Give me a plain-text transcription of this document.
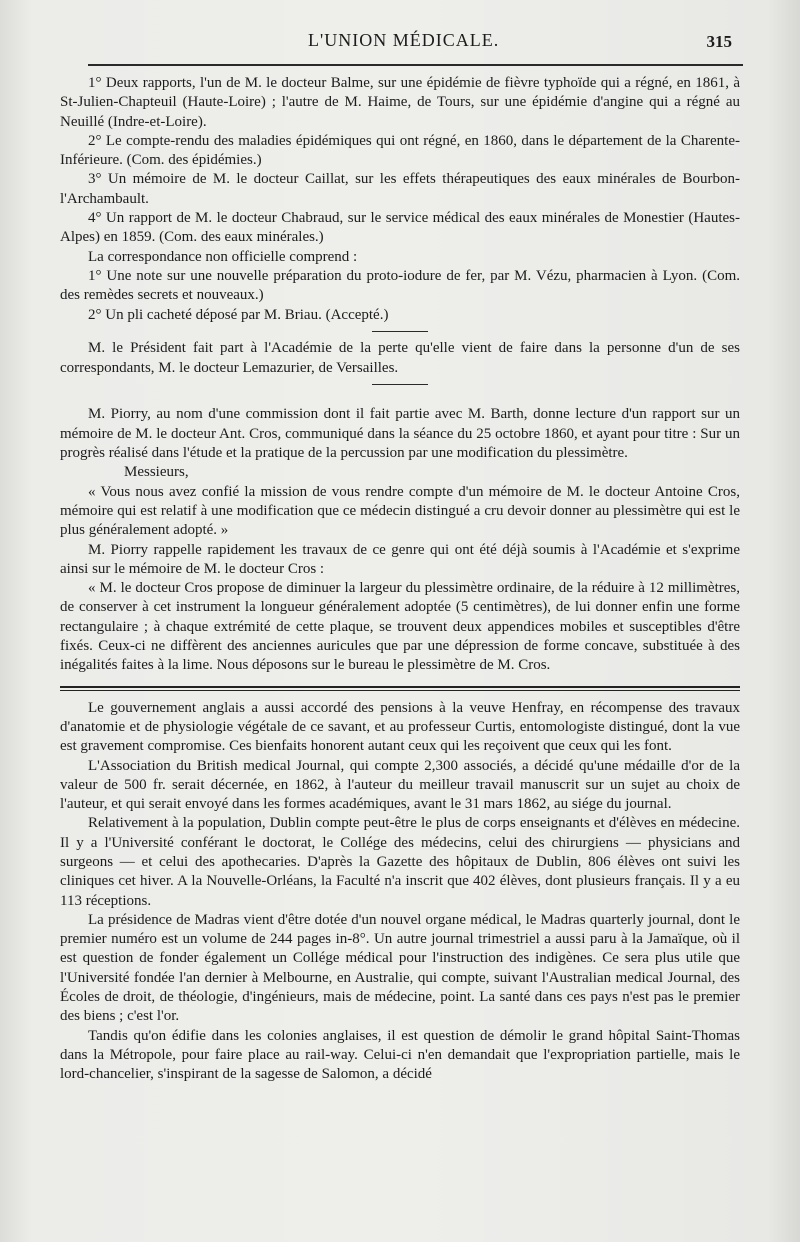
L'UNION MÉDICALE.	315

1° Deux rapports, l'un de M. le docteur Balme, sur une épidémie de fièvre typhoïde qui a régné, en 1861, à St-Julien-Chapteuil (Haute-Loire) ; l'autre de M. Haime, de Tours, sur une épidémie d'angine qui a régné au Neuillé (Indre-et-Loire).

2° Le compte-rendu des maladies épidémiques qui ont régné, en 1860, dans le département de la Charente-Inférieure. (Com. des épidémies.)

3° Un mémoire de M. le docteur Caillat, sur les effets thérapeutiques des eaux minérales de Bourbon-l'Archambault.

4° Un rapport de M. le docteur Chabraud, sur le service médical des eaux minérales de Monestier (Hautes-Alpes) en 1859. (Com. des eaux minérales.)

La correspondance non officielle comprend :

1° Une note sur une nouvelle préparation du proto-iodure de fer, par M. Vézu, pharmacien à Lyon. (Com. des remèdes secrets et nouveaux.)

2° Un pli cacheté déposé par M. Briau. (Accepté.)

M. le Président fait part à l'Académie de la perte qu'elle vient de faire dans la personne d'un de ses correspondants, M. le docteur Lemazurier, de Versailles.

M. Piorry, au nom d'une commission dont il fait partie avec M. Barth, donne lecture d'un rapport sur un mémoire de M. le docteur Ant. Cros, communiqué dans la séance du 25 octobre 1860, et ayant pour titre : Sur un progrès réalisé dans l'étude et la pratique de la percussion par une modification du plessimètre.

Messieurs,

« Vous nous avez confié la mission de vous rendre compte d'un mémoire de M. le docteur Antoine Cros, mémoire qui est relatif à une modification que ce médecin distingué a cru devoir donner au plessimètre qui est le plus généralement adopté. »

M. Piorry rappelle rapidement les travaux de ce genre qui ont été déjà soumis à l'Académie et s'exprime ainsi sur le mémoire de M. le docteur Cros :

« M. le docteur Cros propose de diminuer la largeur du plessimètre ordinaire, de la réduire à 12 millimètres, de conserver à cet instrument la longueur généralement adoptée (5 centimètres), de lui donner enfin une forme rectangulaire ; à chaque extrémité de cette plaque, se trouvent deux appendices mobiles et susceptibles d'être fixés. Ceux-ci ne diffèrent des anciennes auricules que par une dépression de forme concave, substituée à des inégalités faites à la lime. Nous déposons sur le bureau le plessimètre de M. Cros.

Le gouvernement anglais a aussi accordé des pensions à la veuve Henfray, en récompense des travaux d'anatomie et de physiologie végétale de ce savant, et au professeur Curtis, entomologiste distingué, dont la vue est gravement compromise. Ces bienfaits honorent autant ceux qui les reçoivent que ceux qui les font.

L'Association du British medical Journal, qui compte 2,300 associés, a décidé qu'une médaille d'or de la valeur de 500 fr. serait décernée, en 1862, à l'auteur du meilleur travail manuscrit sur un sujet au choix de l'auteur, et qui serait envoyé dans les formes académiques, avant le 31 mars 1862, au siége du journal.

Relativement à la population, Dublin compte peut-être le plus de corps enseignants et d'élèves en médecine. Il y a l'Université conférant le doctorat, le Collége des médecins, celui des chirurgiens — physicians and surgeons — et celui des apothecaries. D'après la Gazette des hôpitaux de Dublin, 806 élèves ont suivi les cliniques cet hiver. A la Nouvelle-Orléans, la Faculté n'a inscrit que 402 élèves, dont plusieurs français. Il y a eu 113 réceptions.

La présidence de Madras vient d'être dotée d'un nouvel organe médical, le Madras quarterly journal, dont le premier numéro est un volume de 244 pages in-8°. Un autre journal trimestriel a aussi paru à la Jamaïque, où il est question de fonder également un Collége médical pour l'instruction des indigènes. Ce sera plus utile que l'Université fondée l'an dernier à Melbourne, en Australie, qui compte, suivant l'Australian medical Journal, des Écoles de droit, de théologie, d'ingénieurs, mais de médecine, point. La santé dans ces pays n'est pas le premier des biens ; c'est l'or.

Tandis qu'on édifie dans les colonies anglaises, il est question de démolir le grand hôpital Saint-Thomas dans la Métropole, pour faire place au rail-way. Celui-ci n'en demandait que l'expropriation partielle, mais le lord-chancelier, s'inspirant de la sagesse de Salomon, a décidé
